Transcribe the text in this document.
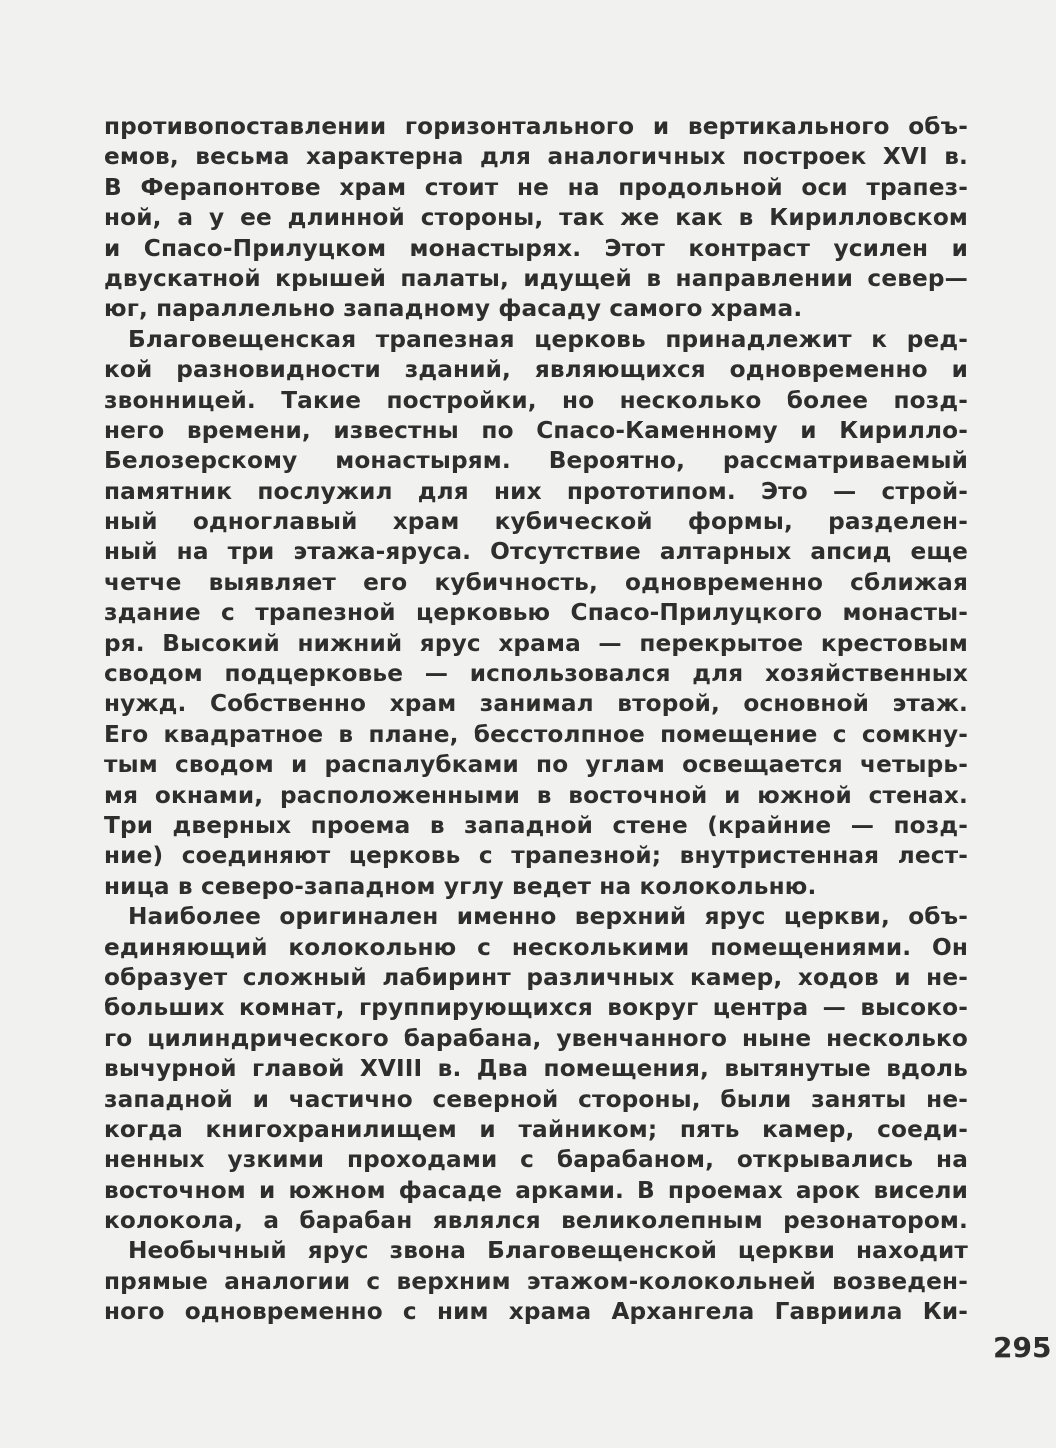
противопоставлении горизонтального и вертикального объ-
емов, весьма характерна для аналогичных построек XVI в.
В Ферапонтове храм стоит не на продольной оси трапез-
ной, а у ее длинной стороны, так же как в Кирилловском
и Спасо-Прилуцком монастырях. Этот контраст усилен и
двускатной крышей палаты, идущей в направлении север—
юг, параллельно западному фасаду самого храма.
Благовещенская трапезная церковь принадлежит к ред-
кой разновидности зданий, являющихся одновременно и
звонницей. Такие постройки, но несколько более позд-
него времени, известны по Спасо-Каменному и Кирилло-
Белозерскому монастырям. Вероятно, рассматриваемый
памятник послужил для них прототипом. Это — строй-
ный одноглавый храм кубической формы, разделен-
ный на три этажа-яруса. Отсутствие алтарных апсид еще
четче выявляет его кубичность, одновременно сближая
здание с трапезной церковью Спасо-Прилуцкого монасты-
ря. Высокий нижний ярус храма — перекрытое крестовым
сводом подцерковье — использовался для хозяйственных
нужд. Собственно храм занимал второй, основной этаж.
Его квадратное в плане, бесстолпное помещение с сомкну-
тым сводом и распалубками по углам освещается четырь-
мя окнами, расположенными в восточной и южной стенах.
Три дверных проема в западной стене (крайние — позд-
ние) соединяют церковь с трапезной; внутристенная лест-
ница в северо-западном углу ведет на колокольню.
Наиболее оригинален именно верхний ярус церкви, объ-
единяющий колокольню с несколькими помещениями. Он
образует сложный лабиринт различных камер, ходов и не-
больших комнат, группирующихся вокруг центра — высоко-
го цилиндрического барабана, увенчанного ныне несколько
вычурной главой XVIII в. Два помещения, вытянутые вдоль
западной и частично северной стороны, были заняты не-
когда книгохранилищем и тайником; пять камер, соеди-
ненных узкими проходами с барабаном, открывались на
восточном и южном фасаде арками. В проемах арок висели
колокола, а барабан являлся великолепным резонатором.
Необычный ярус звона Благовещенской церкви находит
прямые аналогии с верхним этажом-колокольней возведен-
ного одновременно с ним храма Архангела Гавриила Ки-
295
